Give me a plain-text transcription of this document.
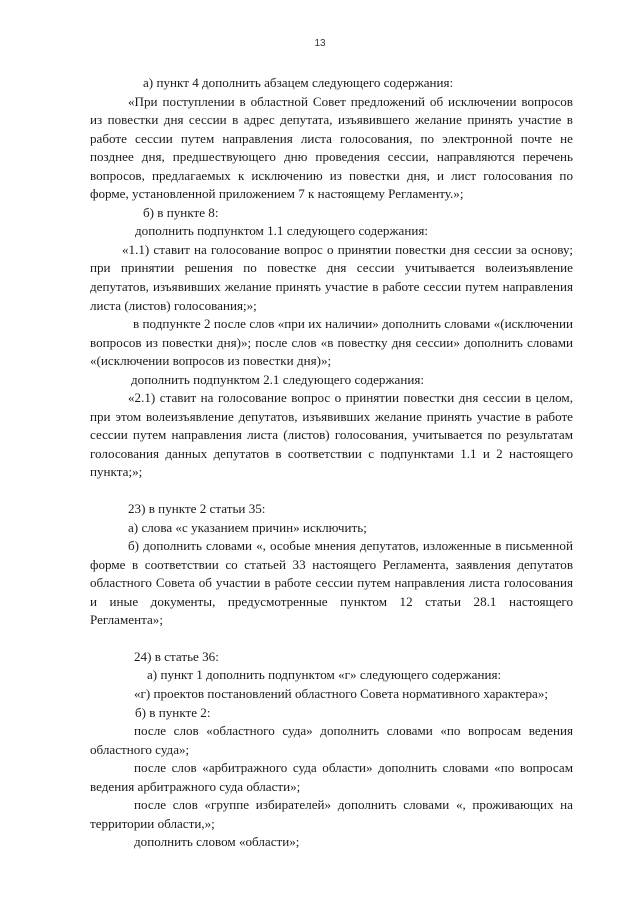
13

а) пункт 4 дополнить абзацем следующего содержания:

«При поступлении в областной Совет предложений об исключении вопросов из повестки дня сессии в адрес депутата, изъявившего желание принять участие в работе сессии путем направления листа голосования, по электронной почте не позднее дня, предшествующего дню проведения сессии, направляются перечень вопросов, предлагаемых к исключению из повестки дня, и лист голосования по форме, установленной приложением 7 к настоящему Регламенту.»;

б) в пункте 8:

дополнить подпунктом 1.1 следующего содержания:

«1.1) ставит на голосование вопрос о принятии повестки дня сессии за основу; при принятии решения по повестке дня сессии учитывается волеизъявление депутатов, изъявивших желание принять участие в работе сессии путем направления листа (листов) голосования;»;

в подпункте 2 после слов «при их наличии» дополнить словами «(исключении вопросов из повестки дня)»; после слов «в повестку дня сессии» дополнить словами «(исключении вопросов из повестки дня)»;

дополнить подпунктом 2.1 следующего содержания:

«2.1) ставит на голосование вопрос о принятии повестки дня сессии в целом, при этом волеизъявление депутатов, изъявивших желание принять участие в работе сессии путем направления листа (листов) голосования, учитывается по результатам голосования данных депутатов в соответствии с подпунктами 1.1 и 2 настоящего пункта;»;

23) в пункте 2 статьи 35:

а) слова «с указанием причин» исключить;

б) дополнить словами «, особые мнения депутатов, изложенные в письменной форме в соответствии со статьей 33 настоящего Регламента, заявления депутатов областного Совета об участии в работе сессии путем направления листа голосования и иные документы, предусмотренные пунктом 12 статьи 28.1 настоящего Регламента»;

24) в статье 36:

а) пункт 1 дополнить подпунктом «г» следующего содержания:

«г) проектов постановлений областного Совета нормативного характера»;

б) в пункте 2:

после слов «областного суда» дополнить словами «по вопросам ведения областного суда»;

после слов «арбитражного суда области» дополнить словами «по вопросам ведения арбитражного суда области»;

после слов «группе избирателей» дополнить словами «, проживающих на территории области,»;

дополнить словом «области»;
